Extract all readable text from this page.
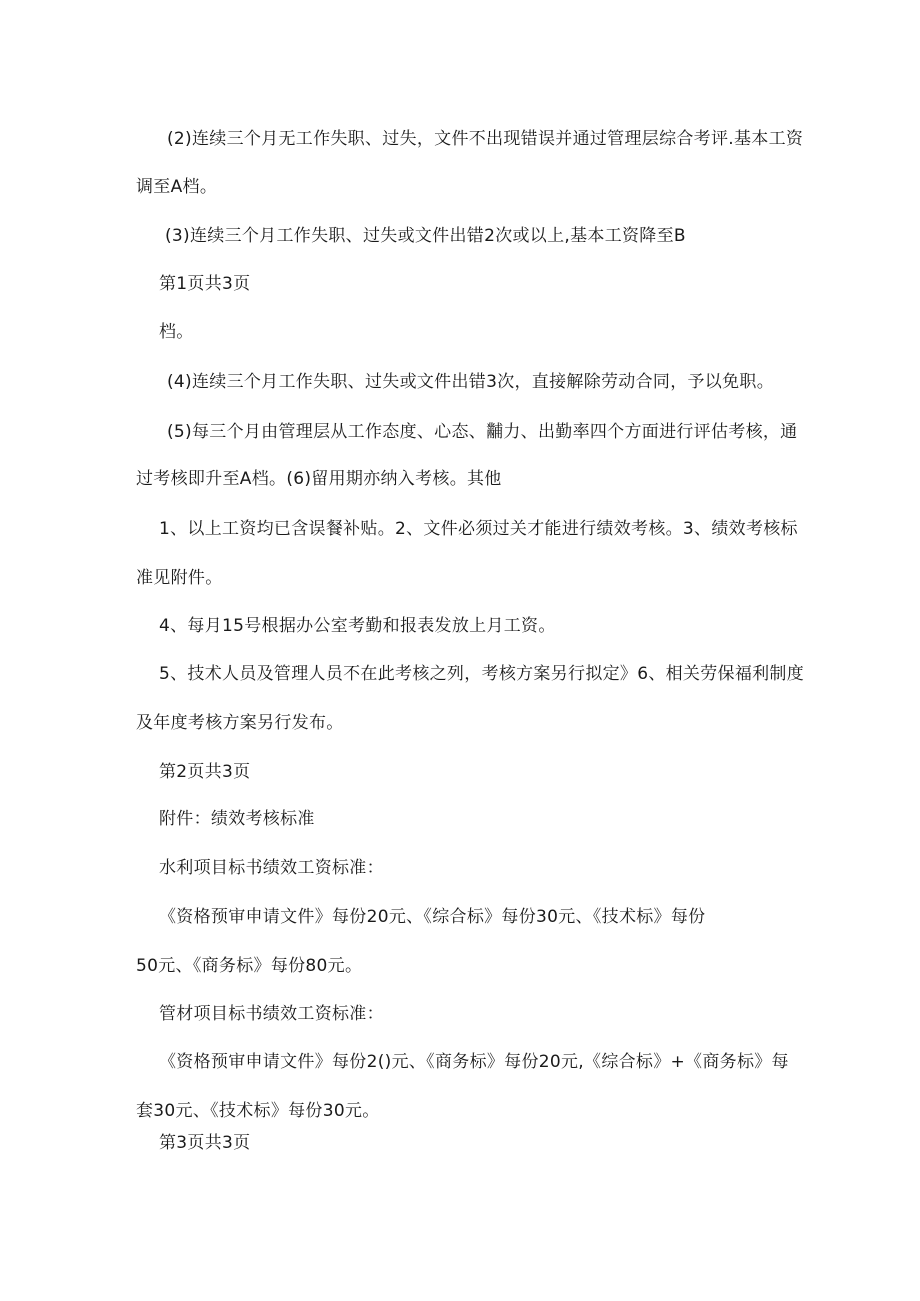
(2)连续三个月无工作失职、过失，文件不出现错误并通过管理层综合考评.基本工资
调至A档。
(3)连续三个月工作失职、过失或文件出错2次或以上,基本工资降至B
第1页共3页
档。
(4)连续三个月工作失职、过失或文件出错3次，直接解除劳动合同，予以免职。
(5)每三个月由管理层从工作态度、心态、黼力、出勤率四个方面进行评估考核，通
过考核即升至A档。(6)留用期亦纳入考核。其他
1、以上工资均已含误餐补贴。2、文件必须过关才能进行绩效考核。3、绩效考核标
准见附件。
4、每月15号根据办公室考勤和报表发放上月工资。
5、技术人员及管理人员不在此考核之列，考核方案另行拟定》6、相关劳保福利制度
及年度考核方案另行发布。
第2页共3页
附件：绩效考核标准
水利项目标书绩效工资标准：
《资格预审申请文件》每份20元、《综合标》每份30元、《技术标》每份
50元、《商务标》每份80元。
管材项目标书绩效工资标准：
《资格预审申请文件》每份2()元、《商务标》每份20元,《综合标》+《商务标》每
套30元、《技术标》每份30元。
第3页共3页
